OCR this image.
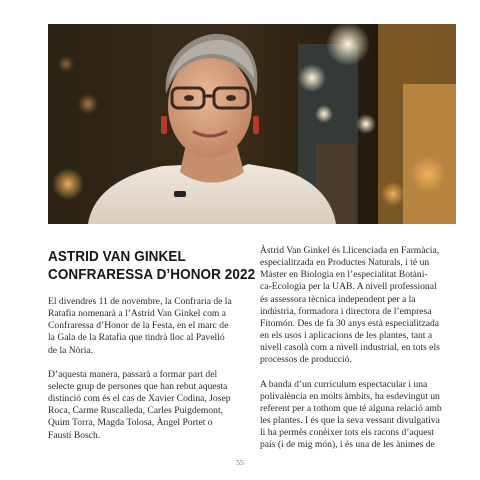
ASTRID VAN GINKEL
CONFRARESSA D’HONOR 2022

El divendres 11 de novembre, la Confraria de la
Ratafia nomenarà a l’Astrid Van Ginkel com a
Confraressa d’Honor de la Festa, en el marc de
la Gala de la Ratafia que tindrà lloc al Pavelló
de la Nòria.

D’aquesta manera, passarà a formar part del
selecte grup de persones que han rebut aquesta
distinció com és el cas de Xavier Codina, Josep
Roca, Carme Ruscalleda, Carles Puigdemont,
Quim Torra, Magda Tolosa, Àngel Portet o
Faustí Bosch.

Àstrid Van Ginkel és Llicenciada en Farmàcia,
especialitzada en Productes Naturals, i té un
Màster en Biologia en l’especialitat Botàni-
ca-Ecologia per la UAB. A nivell professional
és assessora tècnica independent per a la
indústria, formadora i directora de l’empresa
Fitomón. Des de fa 30 anys està especialitzada
en els usos i aplicacions de les plantes, tant a
nivell casolà com a nivell industrial, en tots els
processos de producció.

A banda d’un currículum espectacular i una
polivalència en molts àmbits, ha esdevingut un
referent per a tothom que té alguna relació amb
les plantes. I és que la seva vessant divulgativa
li ha permès conèixer tots els racons d’aquest
país (i de mig món), i és una de les ànimes de

55
